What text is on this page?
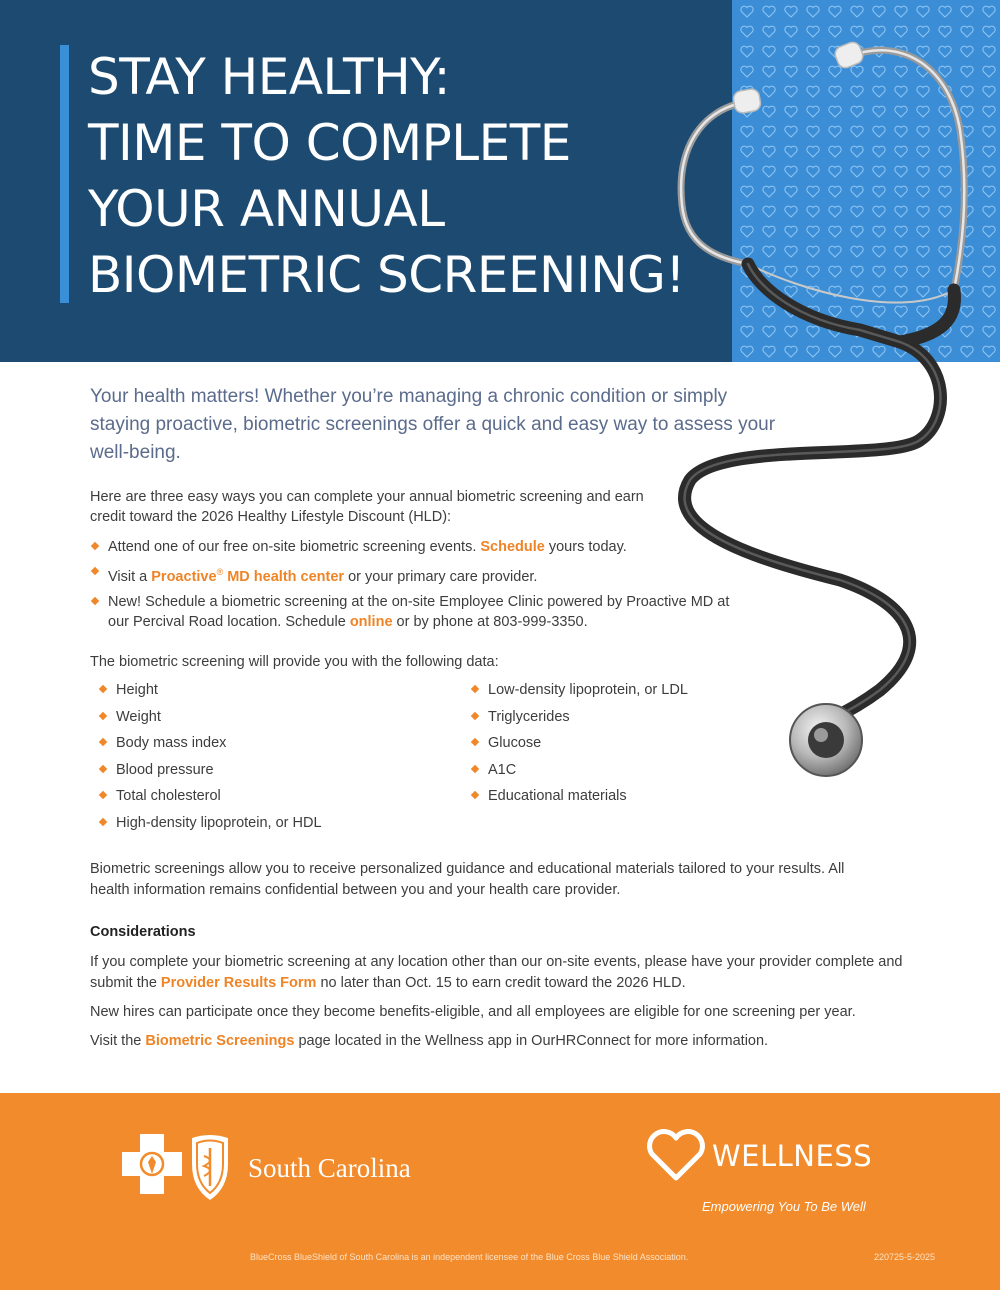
STAY HEALTHY:
TIME TO COMPLETE
YOUR ANNUAL
BIOMETRIC SCREENING!

Your health matters! Whether you’re managing a chronic condition or simply staying proactive, biometric screenings offer a quick and easy way to assess your well-being.

Here are three easy ways you can complete your annual biometric screening and earn credit toward the 2026 Healthy Lifestyle Discount (HLD):

Attend one of our free on-site biometric screening events. Schedule yours today.
Visit a Proactive® MD health center or your primary care provider.
New! Schedule a biometric screening at the on-site Employee Clinic powered by Proactive MD at our Percival Road location. Schedule online or by phone at 803-999-3350.

The biometric screening will provide you with the following data:

Height
Weight
Body mass index
Blood pressure
Total cholesterol
High-density lipoprotein, or HDL
Low-density lipoprotein, or LDL
Triglycerides
Glucose
A1C
Educational materials

Biometric screenings allow you to receive personalized guidance and educational materials tailored to your results. All health information remains confidential between you and your health care provider.

Considerations

If you complete your biometric screening at any location other than our on-site events, please have your provider complete and submit the Provider Results Form no later than Oct. 15 to earn credit toward the 2026 HLD.

New hires can participate once they become benefits-eligible, and all employees are eligible for one screening per year.

Visit the Biometric Screenings page located in the Wellness app in OurHRConnect for more information.

South Carolina	WELLNESS
Empowering You To Be Well
BlueCross BlueShield of South Carolina is an independent licensee of the Blue Cross Blue Shield Association.	220725-5-2025
